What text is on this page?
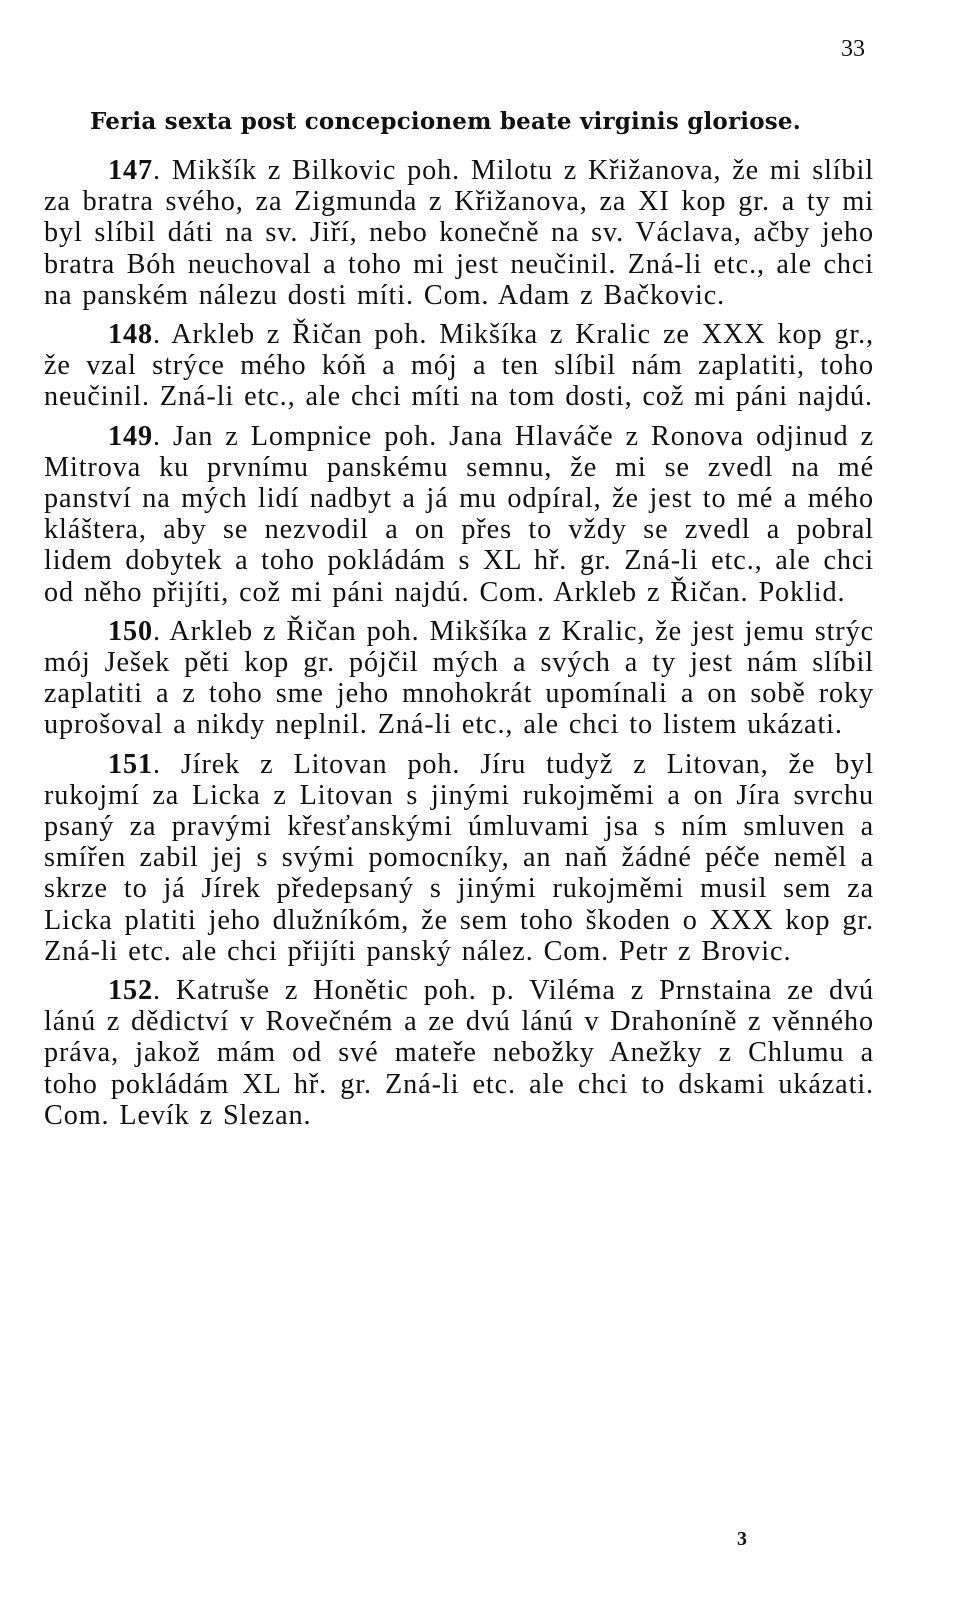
33
Feria sexta post concepcionem beate virginis gloriose.

147. Mikšík z Bilkovic poh. Milotu z Křižanova, že mi slíbil za bratra svého, za Zigmunda z Křižanova, za XI kop gr. a ty mi byl slíbil dáti na sv. Jiří, nebo konečně na sv. Václava, ačby jeho bratra Bóh neuchoval a toho mi jest neučinil. Zná-li etc., ale chci na panském nálezu dosti míti. Com. Adam z Bačkovic.

148. Arkleb z Řičan poh. Mikšíka z Kralic ze XXX kop gr., že vzal strýce mého kóň a mój a ten slíbil nám zaplatiti, toho neučinil. Zná-li etc., ale chci míti na tom dosti, což mi páni najdú.

149. Jan z Lompnice poh. Jana Hlaváče z Ronova odjinud z Mitrova ku prvnímu panskému semnu, že mi se zvedl na mé panství na mých lidí nadbyt a já mu odpíral, že jest to mé a mého kláštera, aby se nezvodil a on přes to vždy se zvedl a pobral lidem dobytek a toho pokládám s XL hř. gr. Zná-li etc., ale chci od něho přijíti, což mi páni najdú. Com. Arkleb z Řičan. Poklid.

150. Arkleb z Řičan poh. Mikšíka z Kralic, že jest jemu strýc mój Ješek pěti kop gr. pójčil mých a svých a ty jest nám slíbil zaplatiti a z toho sme jeho mnohokrát upomínali a on sobě roky uprošoval a nikdy neplnil. Zná-li etc., ale chci to listem ukázati.

151. Jírek z Litovan poh. Jíru tudyž z Litovan, že byl rukojmí za Licka z Litovan s jinými rukojměmi a on Jíra svrchu psaný za pravými křesťanskými úmluvami jsa s ním smluven a smířen zabil jej s svými pomocníky, an naň žádné péče neměl a skrze to já Jírek předepsaný s jinými rukojměmi musil sem za Licka platiti jeho dlužníkóm, že sem toho škoden o XXX kop gr. Zná-li etc. ale chci přijíti panský nález. Com. Petr z Brovic.

152. Katruše z Honětic poh. p. Viléma z Prnstaina ze dvú lánú z dědictví v Rovečném a ze dvú lánú v Drahoníně z věnného práva, jakož mám od své mateře nebožky Anežky z Chlumu a toho pokládám XL hř. gr. Zná-li etc. ale chci to dskami ukázati. Com. Levík z Slezan.

3
